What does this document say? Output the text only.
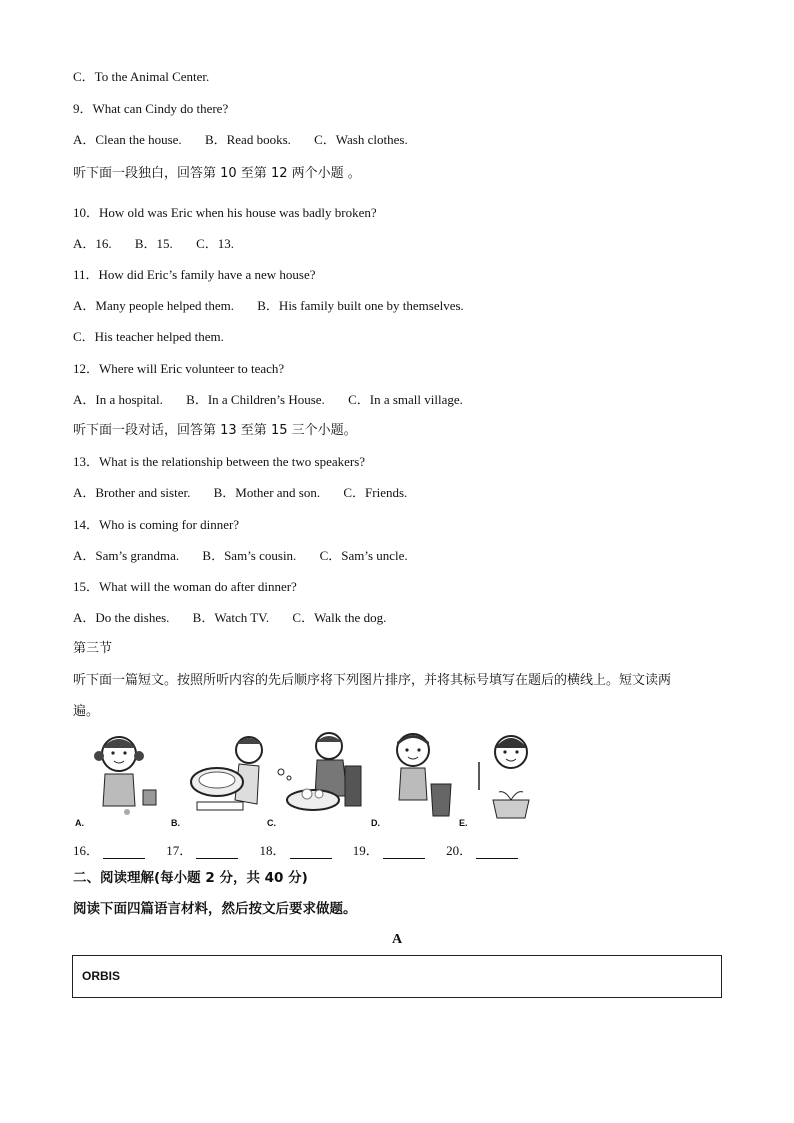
C．To the Animal Center.
9．What can Cindy do there?
A．Clean the house. B．Read books. C．Wash clothes.
听下面一段独白，回答第 10 至第 12 两个小题 。
10．How old was Eric when his house was badly broken?
A．16. B．15. C．13.
11．How did Eric’s family have a new house?
A．Many people helped them. B．His family built one by themselves.
C．His teacher helped them.
12．Where will Eric volunteer to teach?
A．In a hospital. B．In a Children’s House. C．In a small village.
听下面一段对话，回答第 13 至第 15 三个小题。
13．What is the relationship between the two speakers?
A．Brother and sister. B．Mother and son. C．Friends.
14．Who is coming for dinner?
A．Sam’s grandma. B．Sam’s cousin. C．Sam’s uncle.
15．What will the woman do after dinner?
A．Do the dishes. B．Watch TV. C．Walk the dog.
第三节
听下面一篇短文。按照所听内容的先后顺序将下列图片排序，并将其标号填写在题后的横线上。短文读两
遍。
A.	B.	C.	D.	E.
16．	17．	18．	19．	20．
二、阅读理解(每小题 2 分，共 40 分)
阅读下面四篇语言材料，然后按文后要求做题。
A
ORBIS
